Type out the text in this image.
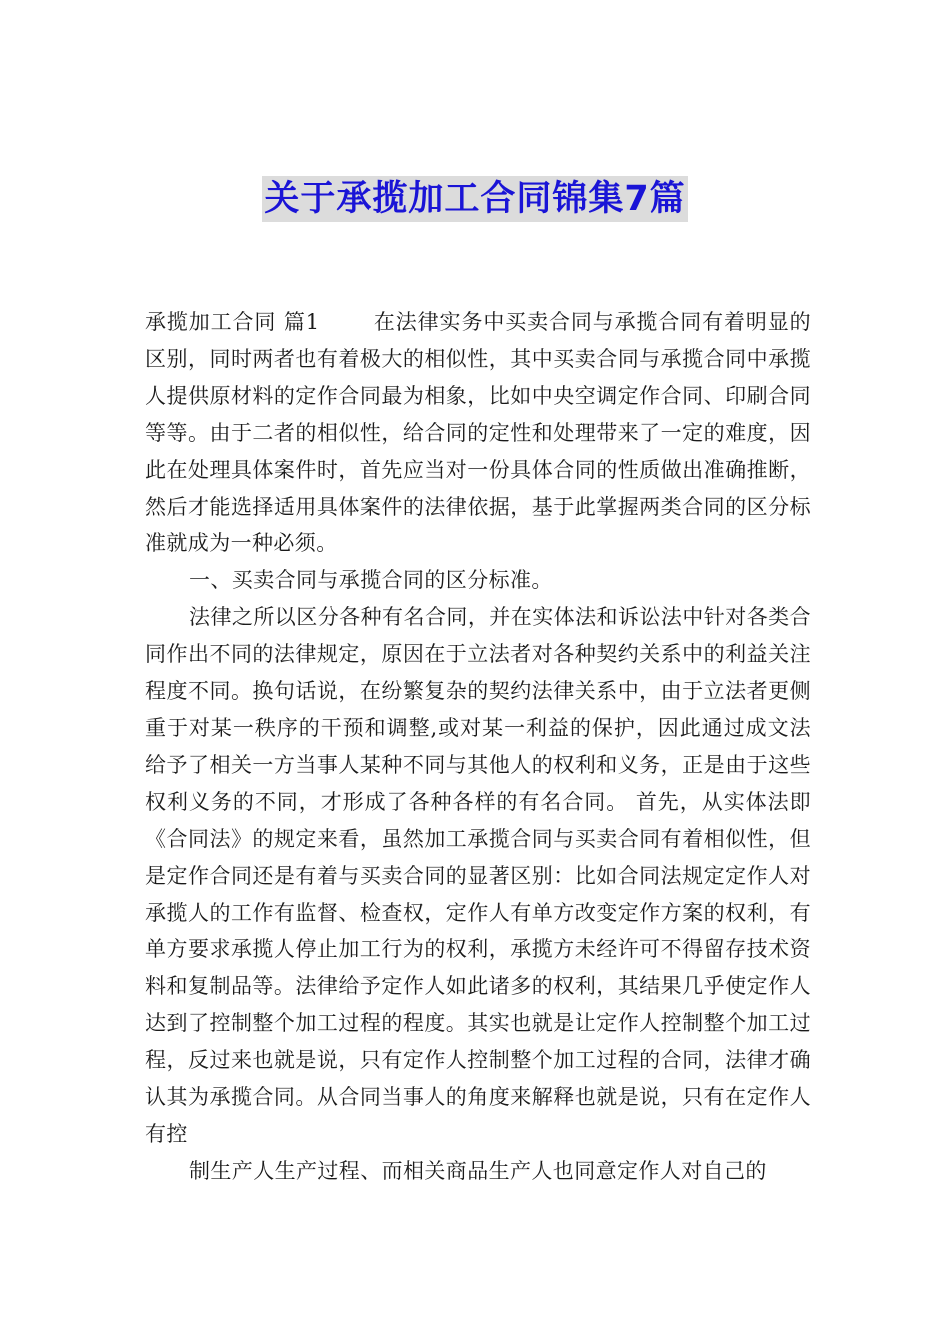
关于承揽加工合同锦集7篇

承揽加工合同 篇1	在法律实务中买卖合同与承揽合同有着明显的区别，同时两者也有着极大的相似性，其中买卖合同与承揽合同中承揽人提供原材料的定作合同最为相象，比如中央空调定作合同、印刷合同等等。由于二者的相似性，给合同的定性和处理带来了一定的难度，因此在处理具体案件时，首先应当对一份具体合同的性质做出准确推断，然后才能选择适用具体案件的法律依据，基于此掌握两类合同的区分标准就成为一种必须。

一、买卖合同与承揽合同的区分标准。

法律之所以区分各种有名合同，并在实体法和诉讼法中针对各类合同作出不同的法律规定，原因在于立法者对各种契约关系中的利益关注程度不同。换句话说，在纷繁复杂的契约法律关系中，由于立法者更侧重于对某一秩序的干预和调整,或对某一利益的保护，因此通过成文法给予了相关一方当事人某种不同与其他人的权利和义务，正是由于这些权利义务的不同，才形成了各种各样的有名合同。 首先，从实体法即《合同法》的规定来看，虽然加工承揽合同与买卖合同有着相似性，但是定作合同还是有着与买卖合同的显著区别：比如合同法规定定作人对承揽人的工作有监督、检查权，定作人有单方改变定作方案的权利，有单方要求承揽人停止加工行为的权利，承揽方未经许可不得留存技术资料和复制品等。法律给予定作人如此诸多的权利，其结果几乎使定作人达到了控制整个加工过程的程度。其实也就是让定作人控制整个加工过程，反过来也就是说，只有定作人控制整个加工过程的合同，法律才确认其为承揽合同。从合同当事人的角度来解释也就是说，只有在定作人有控

制生产人生产过程、而相关商品生产人也同意定作人对自己的
